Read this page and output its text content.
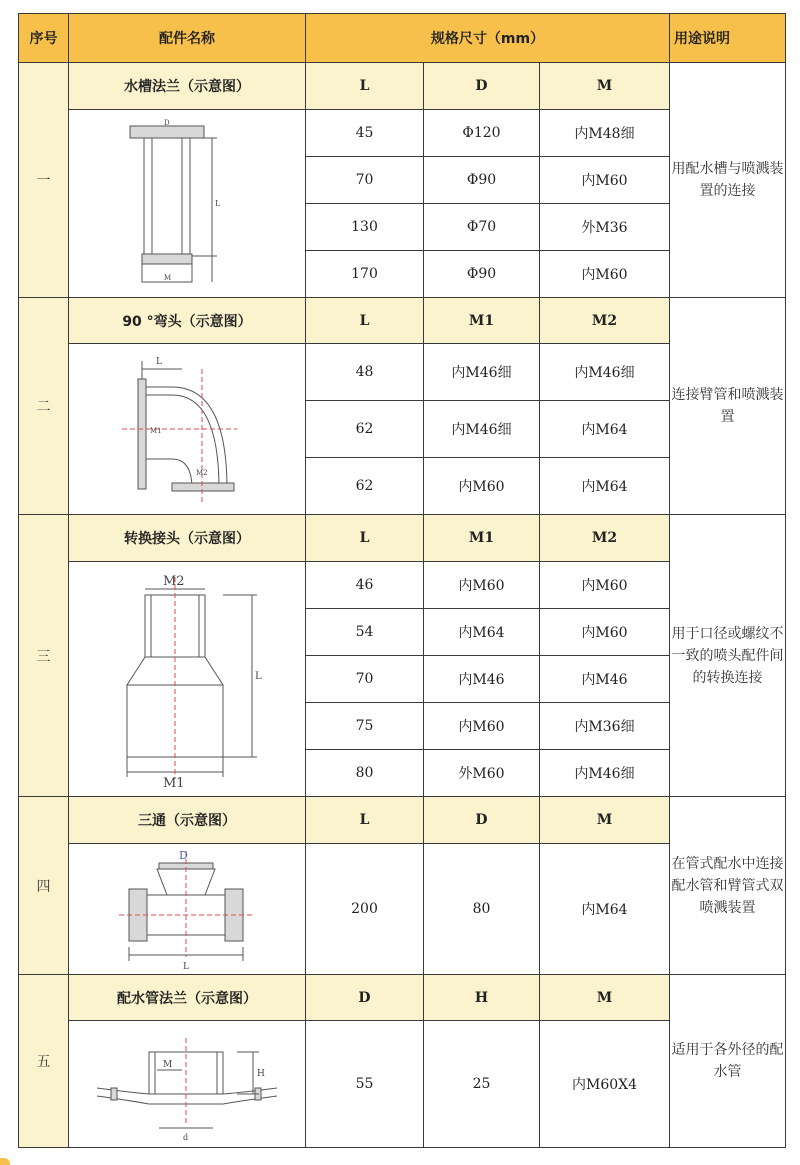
序号	配件名称	规格尺寸（mm）			用途说明
一	水槽法兰（示意图）	L	D	M	用配水槽与喷溅装置的连接

D
L
M	45	Φ120	内M48细	
		70	Φ90	内M60	
		130	Φ70	外M36	
		170	Φ90	内M60	
二	90 °弯头（示意图）	L	M1	M2	连接臂管和喷溅装置

L
M1
M2	48	内M46细	内M46细	
		62	内M46细	内M64	
		62	内M60	内M64	
三	转换接头（示意图）	L	M1	M2	用于口径或螺纹不一致的喷头配件间的转换连接

M2
M1
L	46	内M60	内M60	
		54	内M64	内M60	
		70	内M46	内M46	
		75	内M60	内M36细	
		80	外M60	内M46细	
四	三通（示意图）	L	D	M	在管式配水中连接配水管和臂管式双喷溅装置

D
L	200	80	内M64	
五	配水管法兰（示意图）	D	H	M	适用于各外径的配水管

M
H
d	55	25	内M60X4	
